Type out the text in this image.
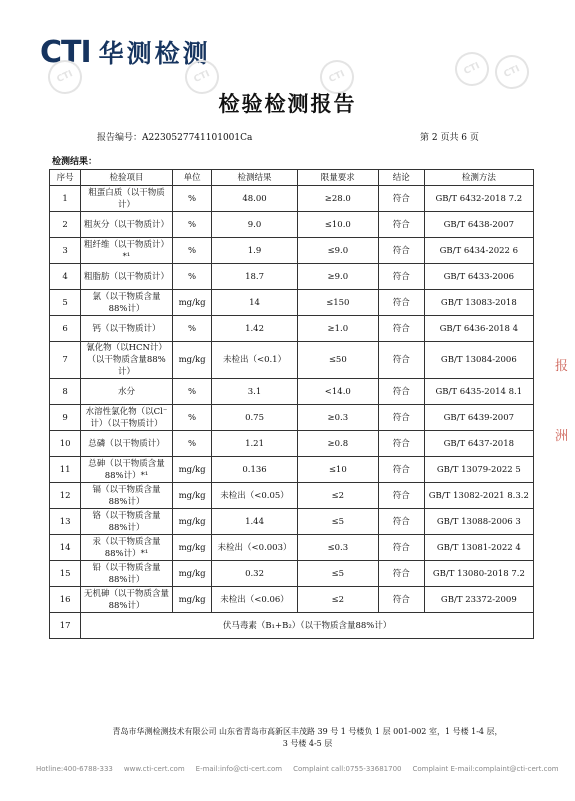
CTI 华测检测
CTI	CTI	CTI
CTI	CTI
检验检测报告
报告编号：A2230527741101001Ca	第 2 页共 6 页
检测结果：
序号	检验项目	单位	检测结果	限量要求	结论	检测方法
1	粗蛋白质（以干物质计）	%	48.00	≥28.0	符合	GB/T 6432-2018 7.2
2	粗灰分（以干物质计）	%	9.0	≤10.0	符合	GB/T 6438-2007
3	粗纤维（以干物质计）*¹	%	1.9	≤9.0	符合	GB/T 6434-2022 6
4	粗脂肪（以干物质计）	%	18.7	≥9.0	符合	GB/T 6433-2006
5	氯（以干物质含量88%计）	mg/kg	14	≤150	符合	GB/T 13083-2018
6	钙（以干物质计）	%	1.42	≥1.0	符合	GB/T 6436-2018 4
7	氰化物（以HCN计）（以干物质含量88%计）	mg/kg	未检出（<0.1）	≤50	符合	GB/T 13084-2006
8	水分	%	3.1	<14.0	符合	GB/T 6435-2014 8.1
9	水溶性氯化物（以Cl⁻计）（以干物质计）	%	0.75	≥0.3	符合	GB/T 6439-2007
10	总磷（以干物质计）	%	1.21	≥0.8	符合	GB/T 6437-2018
11	总砷（以干物质含量88%计）*¹	mg/kg	0.136	≤10	符合	GB/T 13079-2022 5
12	镉（以干物质含量88%计）	mg/kg	未检出（<0.05）	≤2	符合	GB/T 13082-2021 8.3.2
13	铬（以干物质含量88%计）	mg/kg	1.44	≤5	符合	GB/T 13088-2006 3
14	汞（以干物质含量88%计）*¹	mg/kg	未检出（<0.003）	≤0.3	符合	GB/T 13081-2022 4
15	铅（以干物质含量88%计）	mg/kg	0.32	≤5	符合	GB/T 13080-2018 7.2
16	无机砷（以干物质含量88%计）	mg/kg	未检出（<0.06）	≤2	符合	GB/T 23372-2009
17	伏马毒素（B₁+B₂）（以干物质含量88%计）					
青岛市华测检测技术有限公司 山东省青岛市高新区丰茂路 39 号 1 号楼负 1 层 001-002 室，1 号楼 1-4 层，3 号楼 4-5 层
Hotline:400-6788-333 www.cti-cert.com E-mail:info@cti-cert.com Complaint call:0755-33681700 Complaint E-mail:complaint@cti-cert.com
报
洲
